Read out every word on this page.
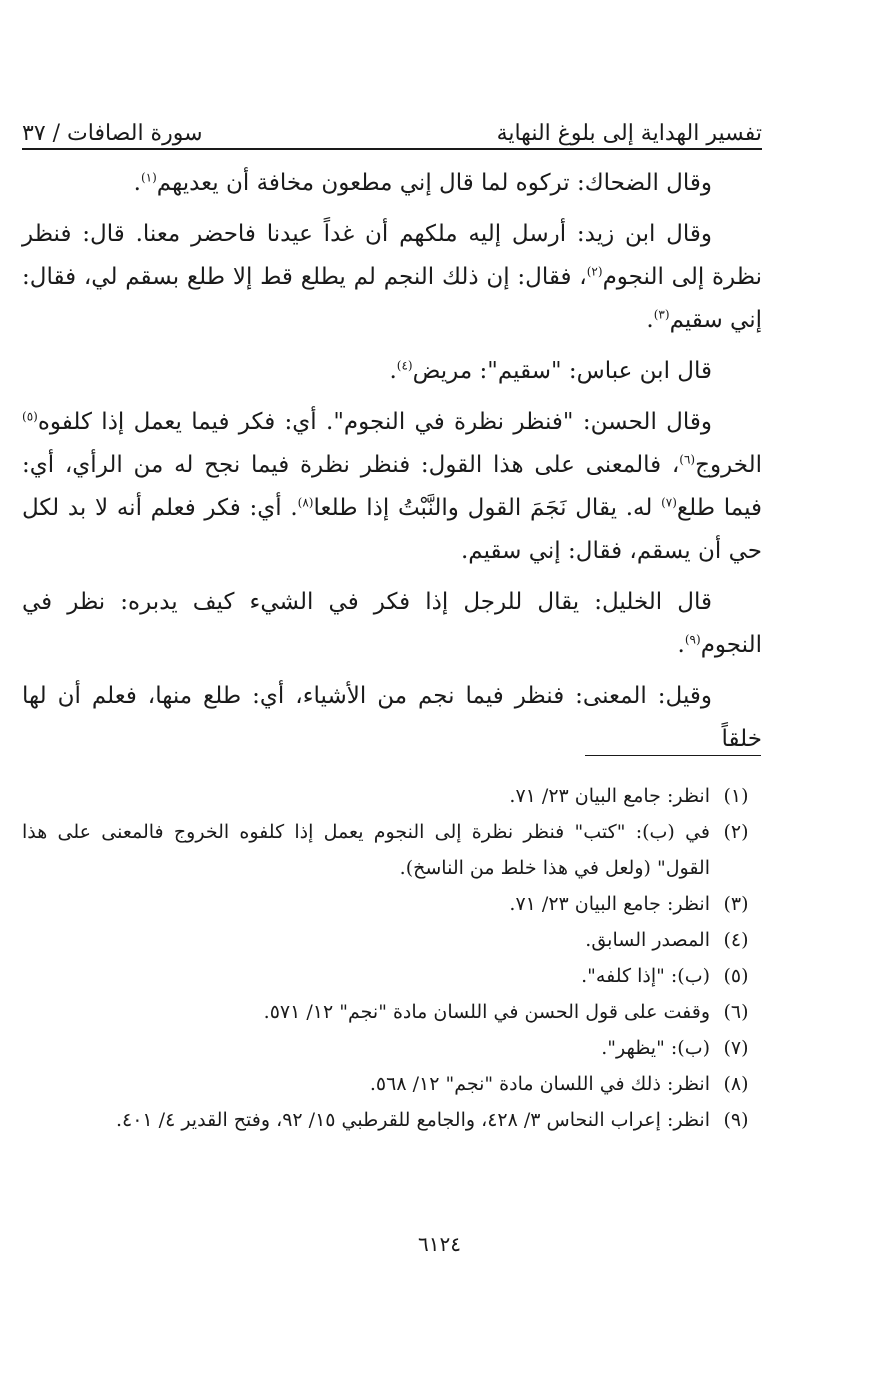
تفسير الهداية إلى بلوغ النهاية
سورة الصافات / ٣٧

وقال الضحاك: تركوه لما قال إني مطعون مخافة أن يعديهم$^{(١)}$.

وقال ابن زيد: أرسل إليه ملكهم أن غداً عيدنا فاحضر معنا. قال: فنظر نظرة إلى النجوم$^{(٢)}$، فقال: إن ذلك النجم لم يطلع قط إلا طلع بسقم لي، فقال: إني سقيم$^{(٣)}$.

قال ابن عباس: "سقيم": مريض$^{(٤)}$.

وقال الحسن: "فنظر نظرة في النجوم". أي: فكر فيما يعمل إذا كلفوه$^{(٥)}$ الخروج$^{(٦)}$، فالمعنى على هذا القول: فنظر نظرة فيما نجح له من الرأي، أي: فيما طلع$^{(٧)}$ له. يقال نَجَمَ القول والنَّبْتُ إذا طلعا$^{(٨)}$. أي: فكر فعلم أنه لا بد لكل حي أن يسقم، فقال: إني سقيم.

قال الخليل: يقال للرجل إذا فكر في الشيء كيف يدبره: نظر في النجوم$^{(٩)}$.

وقيل: المعنى: فنظر فيما نجم من الأشياء، أي: طلع منها، فعلم أن لها خلقاً

(١)
انظر: جامع البيان ٢٣/ ٧١.
(٢)
في (ب): "كتب" فنظر نظرة إلى النجوم يعمل إذا كلفوه الخروج فالمعنى على هذا القول" (ولعل في هذا خلط من الناسخ).
(٣)
انظر: جامع البيان ٢٣/ ٧١.
(٤)
المصدر السابق.
(٥)
(ب): "إذا كلفه".
(٦)
وقفت على قول الحسن في اللسان مادة "نجم" ١٢/ ٥٧١.
(٧)
(ب): "يظهر".
(٨)
انظر: ذلك في اللسان مادة "نجم" ١٢/ ٥٦٨.
(٩)
انظر: إعراب النحاس ٣/ ٤٢٨، والجامع للقرطبي ١٥/ ٩٢، وفتح القدير ٤/ ٤٠١.
٦١٢٤
